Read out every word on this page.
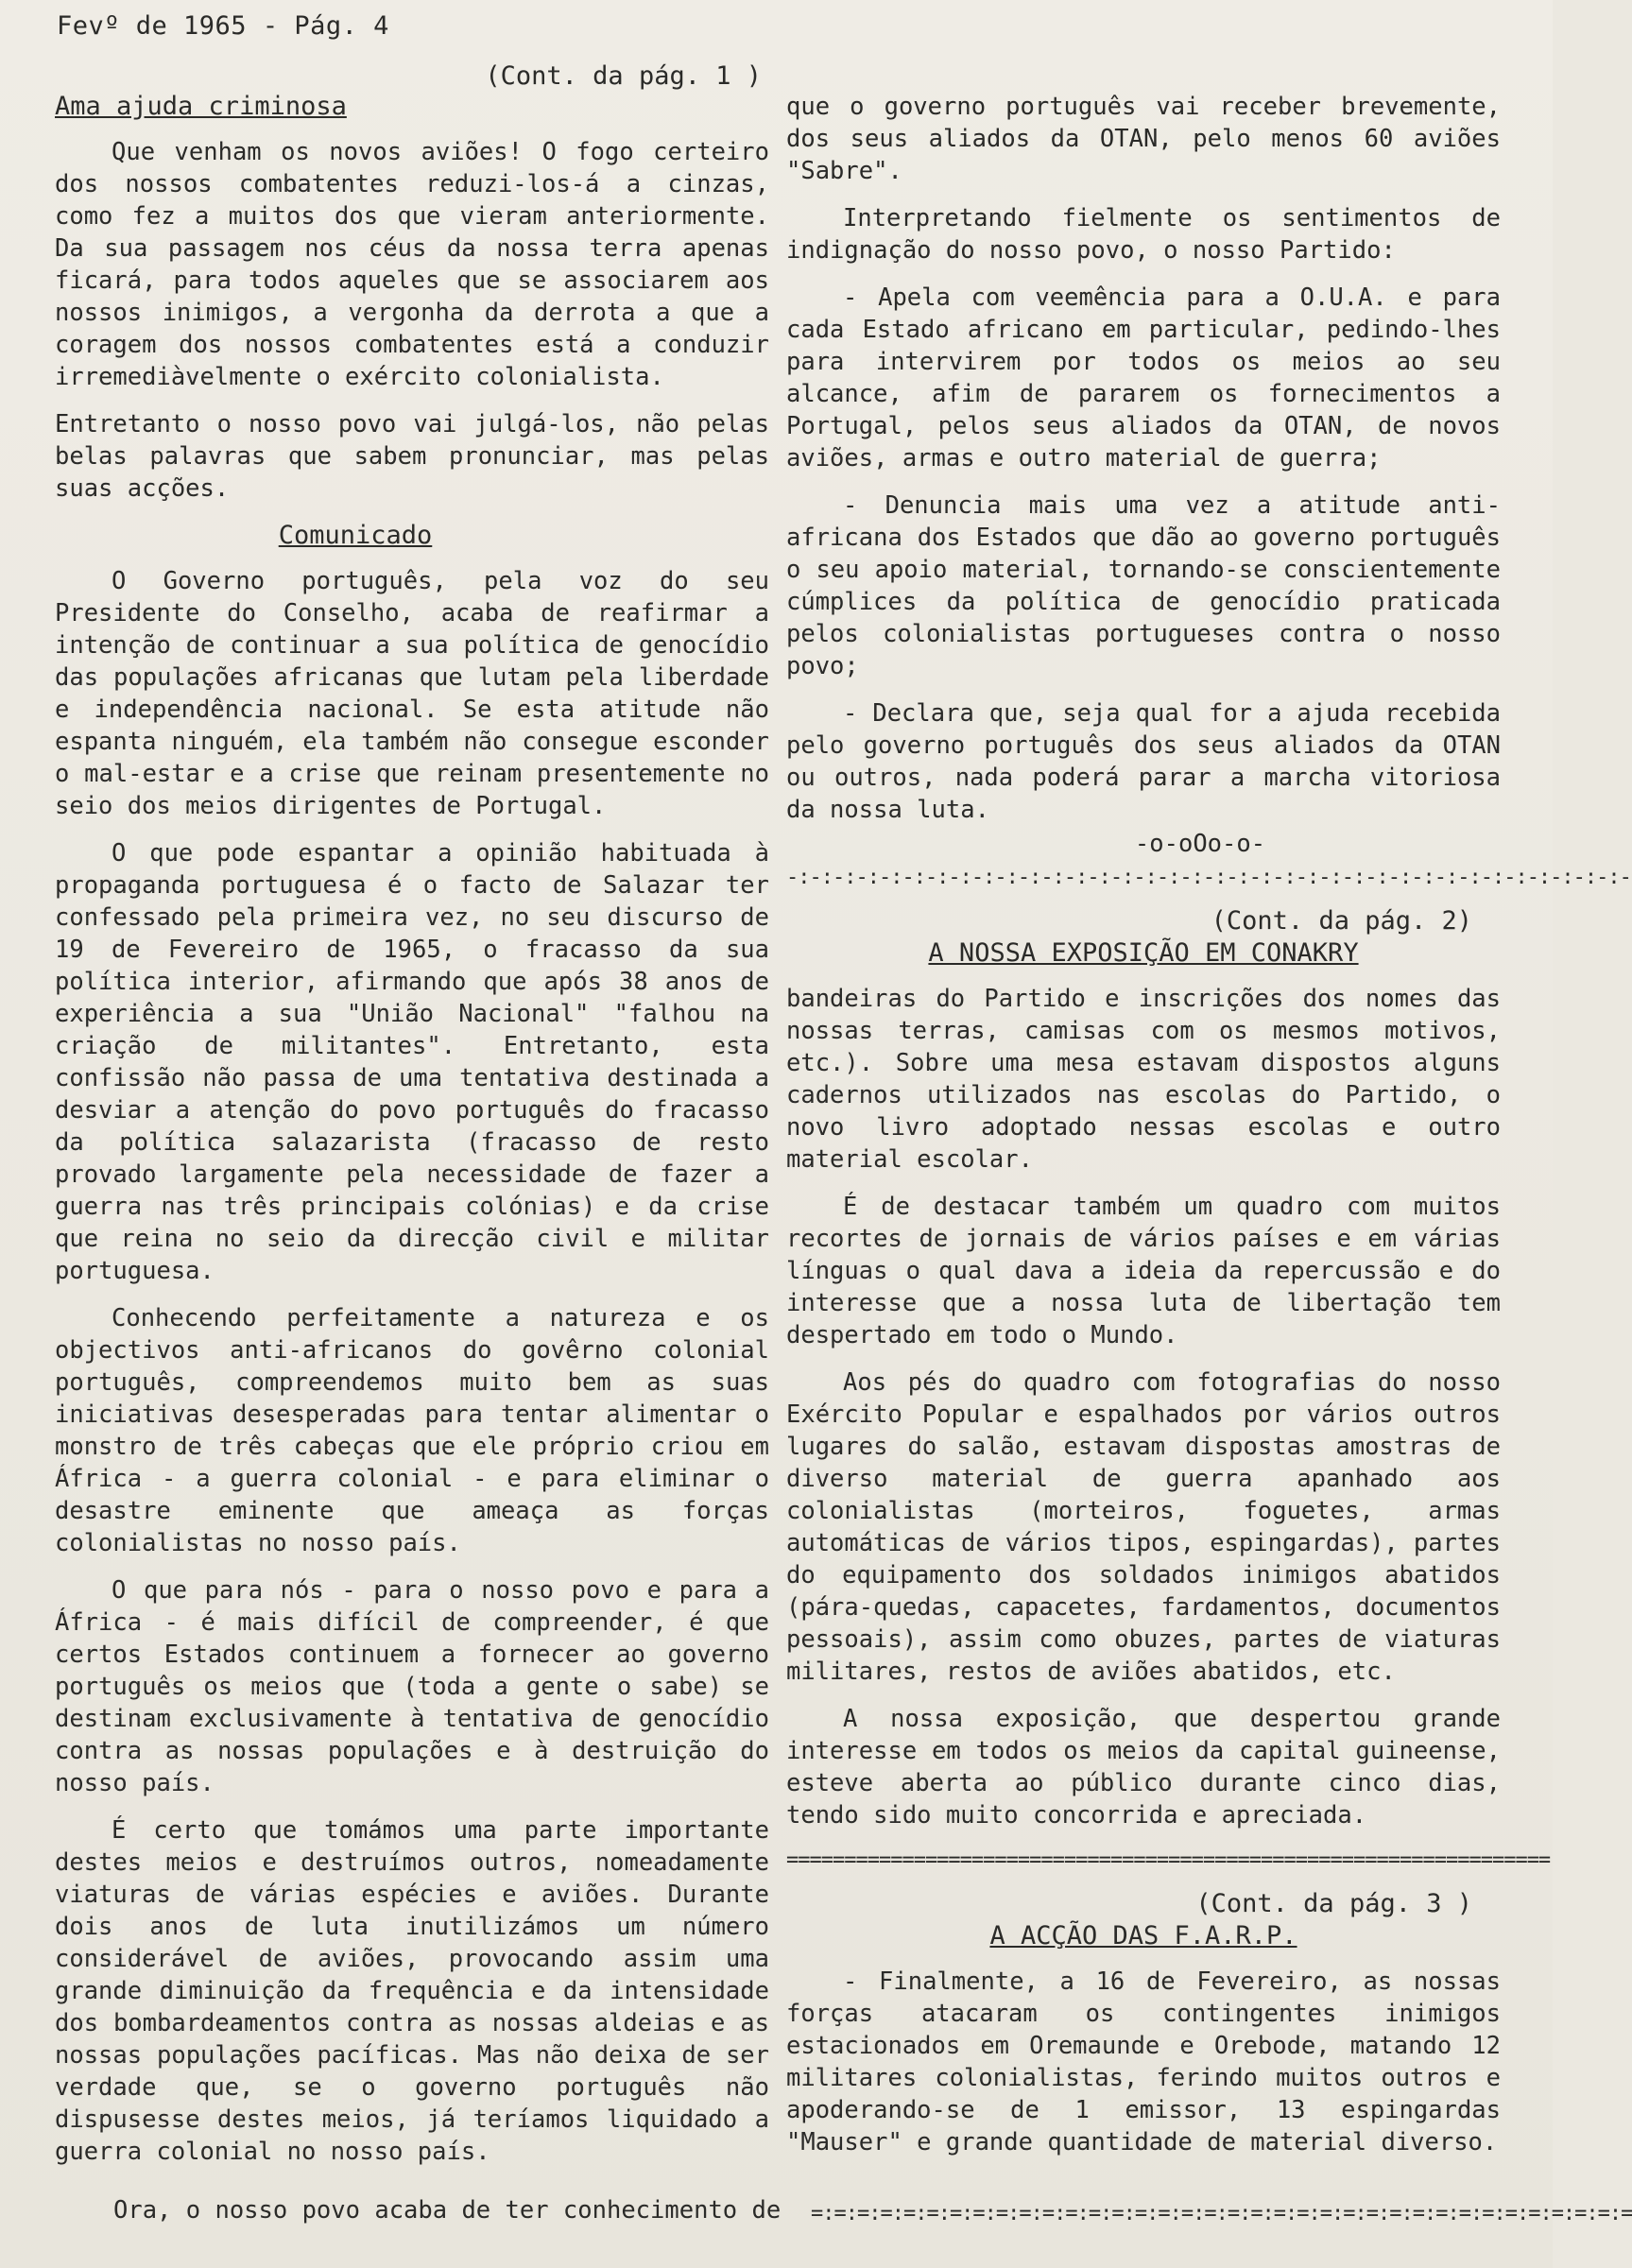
Fevº de 1965 - Pág. 4
(Cont. da pág. 1 )
Ama ajuda criminosa

Que venham os novos aviões! O fogo certeiro dos nossos combatentes reduzi-los-á a cinzas, como fez a muitos dos que vieram anteriormente. Da sua passagem nos céus da nossa terra apenas ficará, para todos aqueles que se associarem aos nossos inimigos, a vergonha da derrota a que a coragem dos nossos combatentes está a conduzir irremediàvelmente o exército colonialista.

Entretanto o nosso povo vai julgá-los, não pelas belas palavras que sabem pronunciar, mas pelas suas acções.

Comunicado

O Governo português, pela voz do seu Presidente do Conselho, acaba de reafirmar a intenção de continuar a sua política de genocídio das populações africanas que lutam pela liberdade e independência nacional. Se esta atitude não espanta ninguém, ela também não consegue esconder o mal-estar e a crise que reinam presentemente no seio dos meios dirigentes de Portugal.

O que pode espantar a opinião habituada à propaganda portuguesa é o facto de Salazar ter confessado pela primeira vez, no seu discurso de 19 de Fevereiro de 1965, o fracasso da sua política interior, afirmando que após 38 anos de experiência a sua "União Nacional" "falhou na criação de militantes". Entretanto, esta confissão não passa de uma tentativa destinada a desviar a atenção do povo português do fracasso da política salazarista (fracasso de resto provado largamente pela necessidade de fazer a guerra nas três principais colónias) e da crise que reina no seio da direcção civil e militar portuguesa.

Conhecendo perfeitamente a natureza e os objectivos anti-africanos do govêrno colonial português, compreendemos muito bem as suas iniciativas desesperadas para tentar alimentar o monstro de três cabeças que ele próprio criou em África - a guerra colonial - e para eliminar o desastre eminente que ameaça as forças colonialistas no nosso país.

O que para nós - para o nosso povo e para a África - é mais difícil de compreender, é que certos Estados continuem a fornecer ao governo português os meios que (toda a gente o sabe) se destinam exclusivamente à tentativa de genocídio contra as nossas populações e à destruição do nosso país.

É certo que tomámos uma parte importante destes meios e destruímos outros, nomeadamente viaturas de várias espécies e aviões. Durante dois anos de luta inutilizámos um número considerável de aviões, provocando assim uma grande diminuição da frequência e da intensidade dos bombardeamentos contra as nossas aldeias e as nossas populações pacíficas. Mas não deixa de ser verdade que, se o governo português não dispusesse destes meios, já teríamos liquidado a guerra colonial no nosso país.

Ora, o nosso povo acaba de ter conhecimento de

que o governo português vai receber brevemente, dos seus aliados da OTAN, pelo menos 60 aviões "Sabre".

Interpretando fielmente os sentimentos de indignação do nosso povo, o nosso Partido:

- Apela com veemência para a O.U.A. e para cada Estado africano em particular, pedindo-lhes para intervirem por todos os meios ao seu alcance, afim de pararem os fornecimentos a Portugal, pelos seus aliados da OTAN, de novos aviões, armas e outro material de guerra;

- Denuncia mais uma vez a atitude anti-africana dos Estados que dão ao governo português o seu apoio material, tornando-se conscientemente cúmplices da política de genocídio praticada pelos colonialistas portugueses contra o nosso povo;

- Declara que, seja qual for a ajuda recebida pelo governo português dos seus aliados da OTAN ou outros, nada poderá parar a marcha vitoriosa da nossa luta.

-o-oOo-o-
-:-:-:-:-:-:-:-:-:-:-:-:-:-:-:-:-:-:-:-:-:-:-:-:-:-:-:-:-:-:-:-:-:-:-:-:-
(Cont. da pág. 2)
A NOSSA EXPOSIÇÃO EM CONAKRY

bandeiras do Partido e inscrições dos nomes das nossas terras, camisas com os mesmos motivos, etc.). Sobre uma mesa estavam dispostos alguns cadernos utilizados nas escolas do Partido, o novo livro adoptado nessas escolas e outro material escolar.

É de destacar também um quadro com muitos recortes de jornais de vários países e em várias línguas o qual dava a ideia da repercussão e do interesse que a nossa luta de libertação tem despertado em todo o Mundo.

Aos pés do quadro com fotografias do nosso Exército Popular e espalhados por vários outros lugares do salão, estavam dispostas amostras de diverso material de guerra apanhado aos colonialistas (morteiros, foguetes, armas automáticas de vários tipos, espingardas), partes do equipamento dos soldados inimigos abatidos (pára-quedas, capacetes, fardamentos, documentos pessoais), assim como obuzes, partes de viaturas militares, restos de aviões abatidos, etc.

A nossa exposição, que despertou grande interesse em todos os meios da capital guineense, esteve aberta ao público durante cinco dias, tendo sido muito concorrida e apreciada.

==================================================================
(Cont. da pág. 3 )
A ACÇÃO DAS F.A.R.P.

- Finalmente, a 16 de Fevereiro, as nossas forças atacaram os contingentes inimigos estacionados em Oremaunde e Orebode, matando 12 militares colonialistas, ferindo muitos outros e apoderando-se de 1 emissor, 13 espingardas "Mauser" e grande quantidade de material diverso.

=:=:=:=:=:=:=:=:=:=:=:=:=:=:=:=:=:=:=:=:=:=:=:=:=:=:=:=:=:=:=:=:=:=:=:=
